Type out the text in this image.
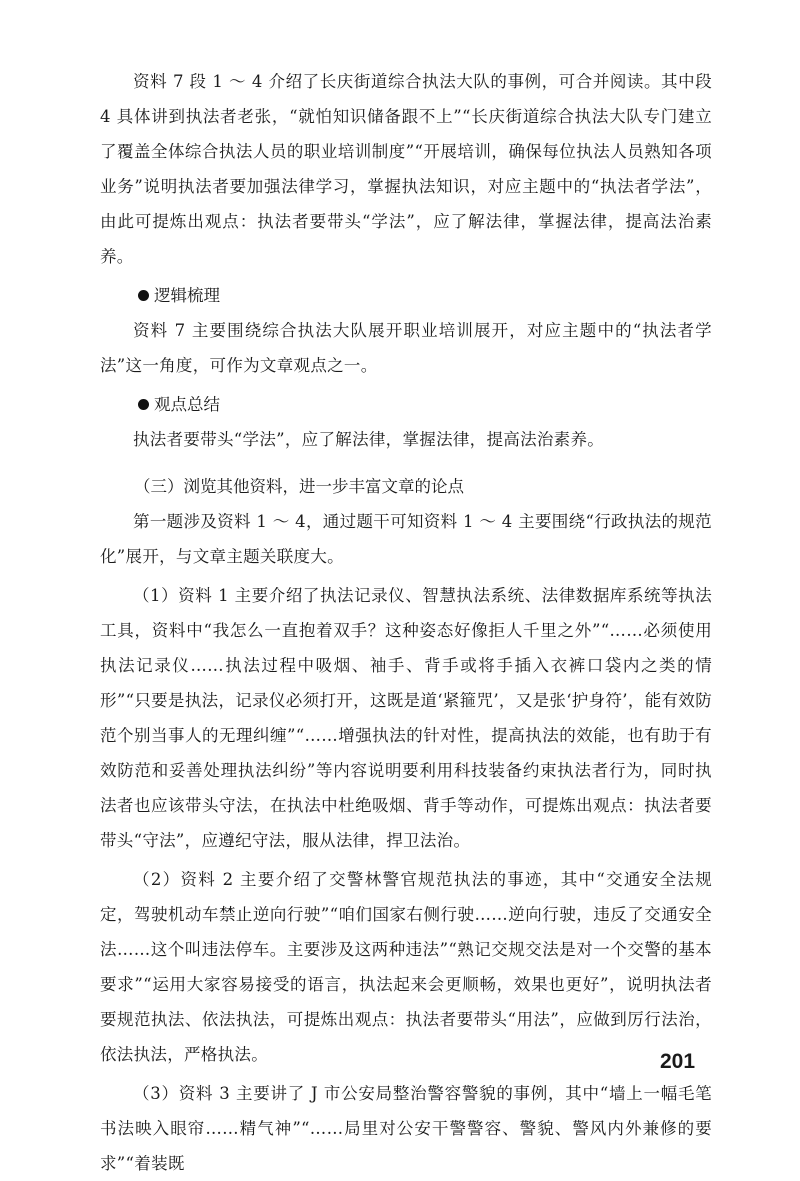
资料 7 段 1 ～ 4 介绍了长庆街道综合执法大队的事例，可合并阅读。其中段 4 具体讲到执法者老张，“就怕知识储备跟不上”“长庆街道综合执法大队专门建立了覆盖全体综合执法人员的职业培训制度”“开展培训，确保每位执法人员熟知各项业务”说明执法者要加强法律学习，掌握执法知识，对应主题中的“执法者学法”，由此可提炼出观点：执法者要带头“学法”，应了解法律，掌握法律，提高法治素养。

逻辑梳理

资料 7 主要围绕综合执法大队展开职业培训展开，对应主题中的“执法者学法”这一角度，可作为文章观点之一。

观点总结

执法者要带头“学法”，应了解法律，掌握法律，提高法治素养。

（三）浏览其他资料，进一步丰富文章的论点

第一题涉及资料 1 ～ 4，通过题干可知资料 1 ～ 4 主要围绕“行政执法的规范化”展开，与文章主题关联度大。

（1）资料 1 主要介绍了执法记录仪、智慧执法系统、法律数据库系统等执法工具，资料中“我怎么一直抱着双手？这种姿态好像拒人千里之外”“……必须使用执法记录仪……执法过程中吸烟、袖手、背手或将手插入衣裤口袋内之类的情形”“只要是执法，记录仪必须打开，这既是道‘紧箍咒’，又是张‘护身符’，能有效防范个别当事人的无理纠缠”“……增强执法的针对性，提高执法的效能，也有助于有效防范和妥善处理执法纠纷”等内容说明要利用科技装备约束执法者行为，同时执法者也应该带头守法，在执法中杜绝吸烟、背手等动作，可提炼出观点：执法者要带头“守法”，应遵纪守法，服从法律，捍卫法治。

（2）资料 2 主要介绍了交警林警官规范执法的事迹，其中“交通安全法规定，驾驶机动车禁止逆向行驶”“咱们国家右侧行驶……逆向行驶，违反了交通安全法……这个叫违法停车。主要涉及这两种违法”“熟记交规交法是对一个交警的基本要求”“运用大家容易接受的语言，执法起来会更顺畅，效果也更好”，说明执法者要规范执法、依法执法，可提炼出观点：执法者要带头“用法”，应做到厉行法治，依法执法，严格执法。

（3）资料 3 主要讲了 J 市公安局整治警容警貌的事例，其中“墙上一幅毛笔书法映入眼帘……精气神”“……局里对公安干警警容、警貌、警风内外兼修的要求”“着装既

201
